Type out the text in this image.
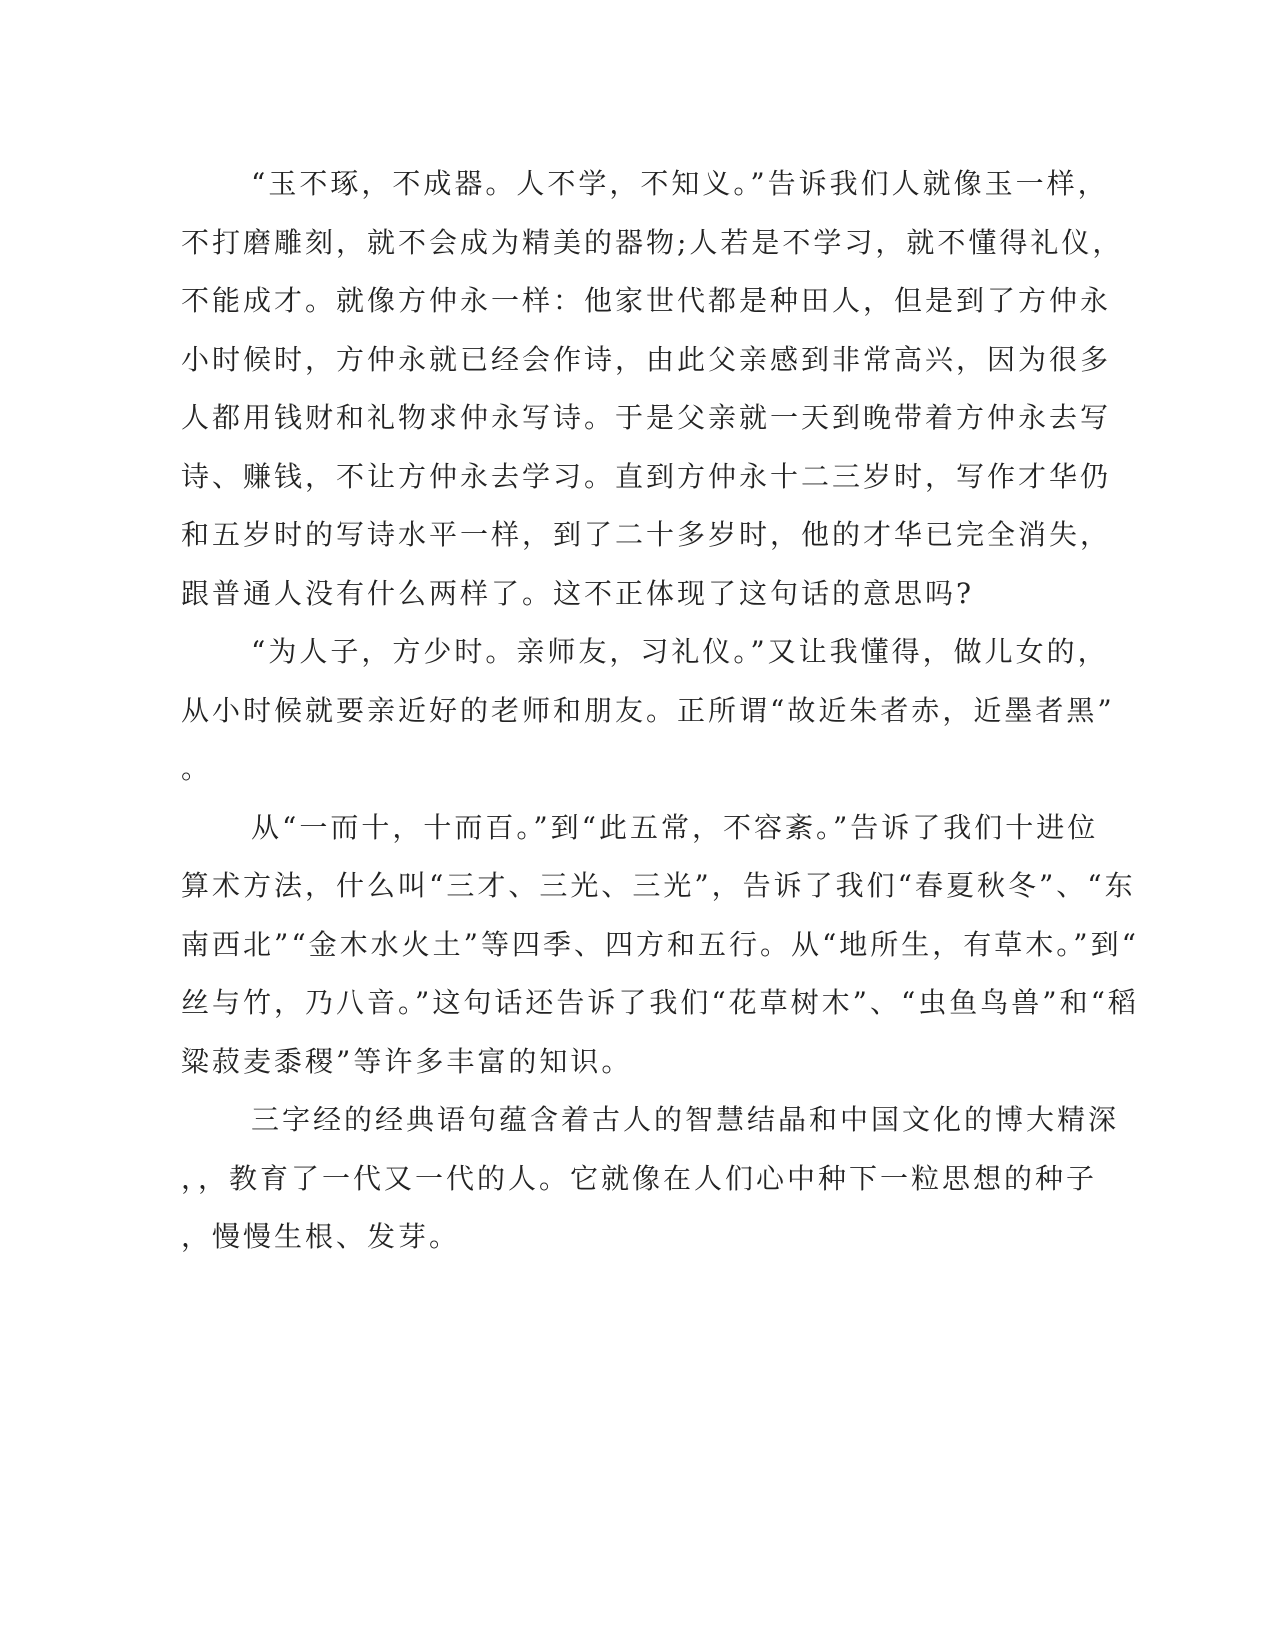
“玉不琢，不成器。人不学，不知义。”告诉我们人就像玉一样，
不打磨雕刻，就不会成为精美的器物;人若是不学习，就不懂得礼仪，
不能成才。就像方仲永一样：他家世代都是种田人，但是到了方仲永
小时候时，方仲永就已经会作诗，由此父亲感到非常高兴，因为很多
人都用钱财和礼物求仲永写诗。于是父亲就一天到晚带着方仲永去写
诗、赚钱，不让方仲永去学习。直到方仲永十二三岁时，写作才华仍
和五岁时的写诗水平一样，到了二十多岁时，他的才华已完全消失，
跟普通人没有什么两样了。这不正体现了这句话的意思吗?
“为人子，方少时。亲师友，习礼仪。”又让我懂得，做儿女的，
从小时候就要亲近好的老师和朋友。正所谓“故近朱者赤，近墨者黑”
。
从“一而十，十而百。”到“此五常，不容紊。”告诉了我们十进位
算术方法，什么叫“三才、三光、三光”，告诉了我们“春夏秋冬”、“东
南西北”“金木水火土”等四季、四方和五行。从“地所生，有草木。”到“
丝与竹，乃八音。”这句话还告诉了我们“花草树木”、“虫鱼鸟兽”和“稻
粱菽麦黍稷”等许多丰富的知识。
三字经的经典语句蕴含着古人的智慧结晶和中国文化的博大精深
，，教育了一代又一代的人。它就像在人们心中种下一粒思想的种子
，慢慢生根、发芽。
